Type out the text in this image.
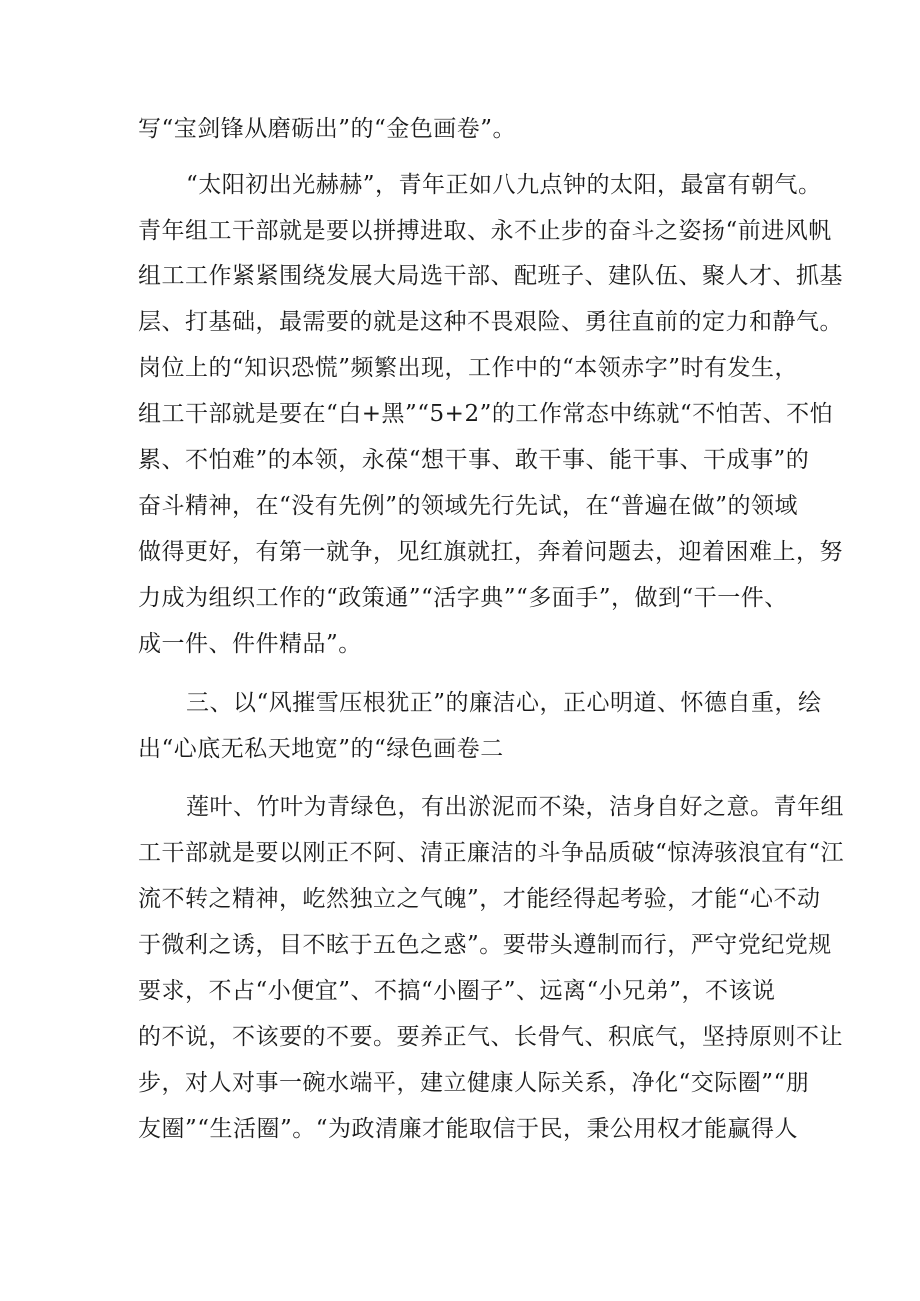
写“宝剑锋从磨砺出”的“金色画卷”。

“太阳初出光赫赫”，青年正如八九点钟的太阳，最富有朝气。

青年组工干部就是要以拼搏进取、永不止步的奋斗之姿扬“前进风帆

组工工作紧紧围绕发展大局选干部、配班子、建队伍、聚人才、抓基

层、打基础，最需要的就是这种不畏艰险、勇往直前的定力和静气。

岗位上的“知识恐慌”频繁出现，工作中的“本领赤字”时有发生，

组工干部就是要在“白+黑”“5+2”的工作常态中练就“不怕苦、不怕

累、不怕难”的本领，永葆“想干事、敢干事、能干事、干成事”的

奋斗精神，在“没有先例”的领域先行先试，在“普遍在做”的领域

做得更好，有第一就争，见红旗就扛，奔着问题去，迎着困难上，努

力成为组织工作的“政策通”“活字典”“多面手”，做到“干一件、

成一件、件件精品”。

三、以“风摧雪压根犹正”的廉洁心，正心明道、怀德自重，绘

出“心底无私天地宽”的“绿色画卷二

莲叶、竹叶为青绿色，有出淤泥而不染，洁身自好之意。青年组

工干部就是要以刚正不阿、清正廉洁的斗争品质破“惊涛骇浪宜有“江

流不转之精神，屹然独立之气魄”，才能经得起考验，才能“心不动

于微利之诱，目不眩于五色之惑”。要带头遵制而行，严守党纪党规

要求，不占“小便宜”、不搞“小圈子”、远离“小兄弟”，不该说

的不说，不该要的不要。要养正气、长骨气、积底气，坚持原则不让

步，对人对事一碗水端平，建立健康人际关系，净化“交际圈”“朋

友圈”“生活圈”。“为政清廉才能取信于民，秉公用权才能赢得人
